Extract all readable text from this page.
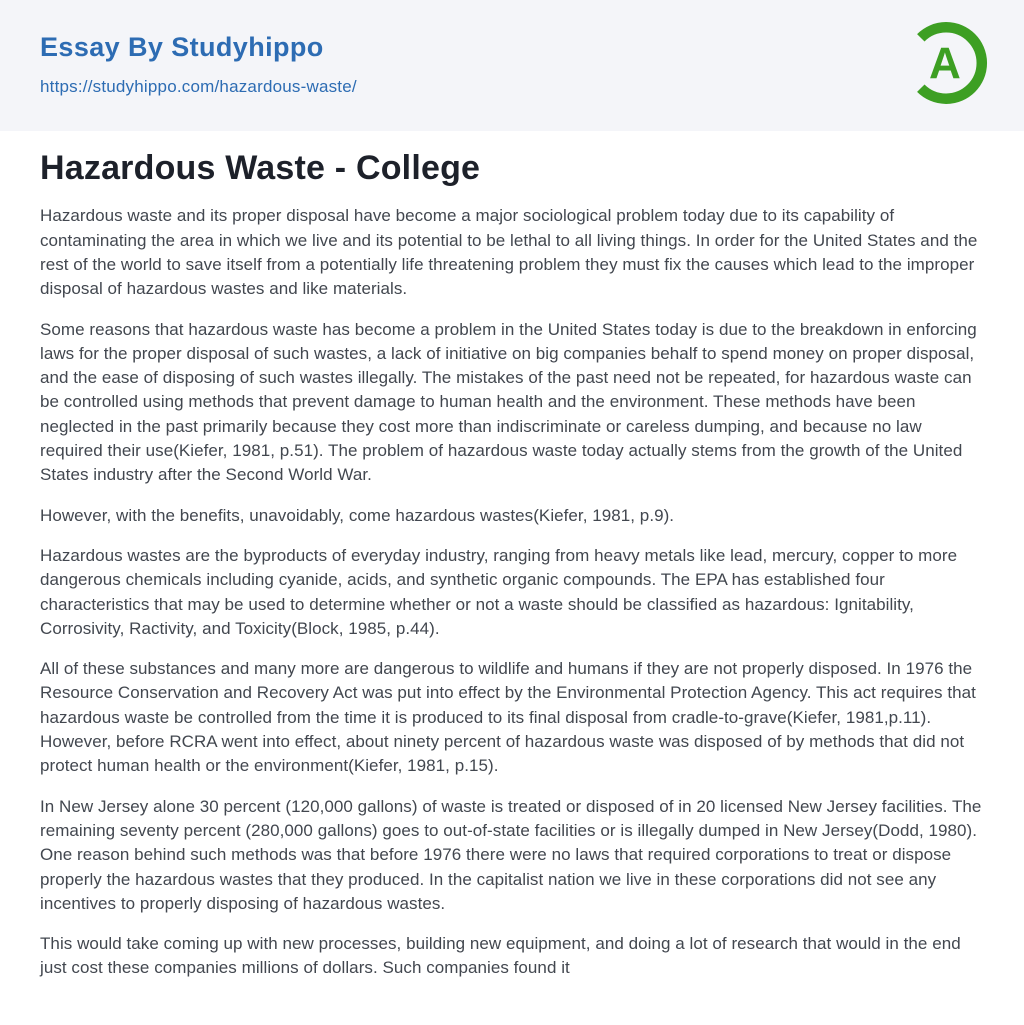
Essay By Studyhippo
https://studyhippo.com/hazardous-waste/	A
Hazardous Waste - College

Hazardous waste and its proper disposal have become a major sociological problem today due to its capability of contaminating the area in which we live and its potential to be lethal to all living things. In order for the United States and the rest of the world to save itself from a potentially life threatening problem they must fix the causes which lead to the improper disposal of hazardous wastes and like materials.

Some reasons that hazardous waste has become a problem in the United States today is due to the breakdown in enforcing laws for the proper disposal of such wastes, a lack of initiative on big companies behalf to spend money on proper disposal, and the ease of disposing of such wastes illegally. The mistakes of the past need not be repeated, for hazardous waste can be controlled using methods that prevent damage to human health and the environment. These methods have been neglected in the past primarily because they cost more than indiscriminate or careless dumping, and because no law required their use(Kiefer, 1981, p.51). The problem of hazardous waste today actually stems from the growth of the United States industry after the Second World War.

However, with the benefits, unavoidably, come hazardous wastes(Kiefer, 1981, p.9).

Hazardous wastes are the byproducts of everyday industry, ranging from heavy metals like lead, mercury, copper to more dangerous chemicals including cyanide, acids, and synthetic organic compounds. The EPA has established four characteristics that may be used to determine whether or not a waste should be classified as hazardous: Ignitability, Corrosivity, Ractivity, and Toxicity(Block, 1985, p.44).

All of these substances and many more are dangerous to wildlife and humans if they are not properly disposed. In 1976 the Resource Conservation and Recovery Act was put into effect by the Environmental Protection Agency. This act requires that hazardous waste be controlled from the time it is produced to its final disposal from cradle-to-grave(Kiefer, 1981,p.11). However, before RCRA went into effect, about ninety percent of hazardous waste was disposed of by methods that did not protect human health or the environment(Kiefer, 1981, p.15).

In New Jersey alone 30 percent (120,000 gallons) of waste is treated or disposed of in 20 licensed New Jersey facilities. The remaining seventy percent (280,000 gallons) goes to out-of-state facilities or is illegally dumped in New Jersey(Dodd, 1980). One reason behind such methods was that before 1976 there were no laws that required corporations to treat or dispose properly the hazardous wastes that they produced. In the capitalist nation we live in these corporations did not see any incentives to properly disposing of hazardous wastes.

This would take coming up with new processes, building new equipment, and doing a lot of research that would in the end just cost these companies millions of dollars. Such companies found it
